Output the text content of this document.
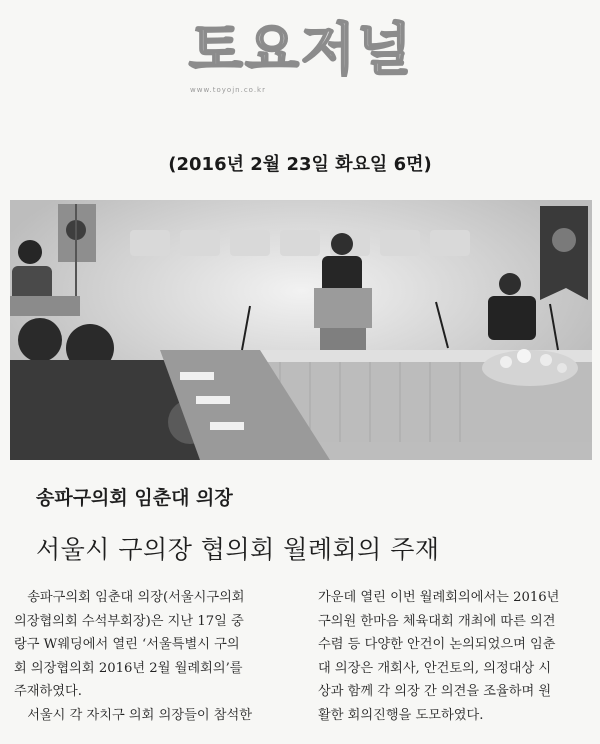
토요저널
www.toyojn.co.kr
(2016년 2월 23일 화요일 6면)
송파구의회 임춘대 의장
서울시 구의장 협의회 월례회의 주재

송파구의회 임춘대 의장(서울시구의회

의장협의회 수석부회장)은 지난 17일 중

랑구 W웨딩에서 열린 ‘서울특별시 구의

회 의장협의회 2016년 2월 월례회의’를

주재하였다.

서울시 각 자치구 의회 의장들이 참석한

가운데 열린 이번 월례회의에서는 2016년

구의원 한마음 체육대회 개최에 따른 의견

수렴 등 다양한 안건이 논의되었으며 임춘

대 의장은 개회사, 안건토의, 의정대상 시

상과 함께 각 의장 간 의견을 조율하며 원

활한 회의진행을 도모하였다.
